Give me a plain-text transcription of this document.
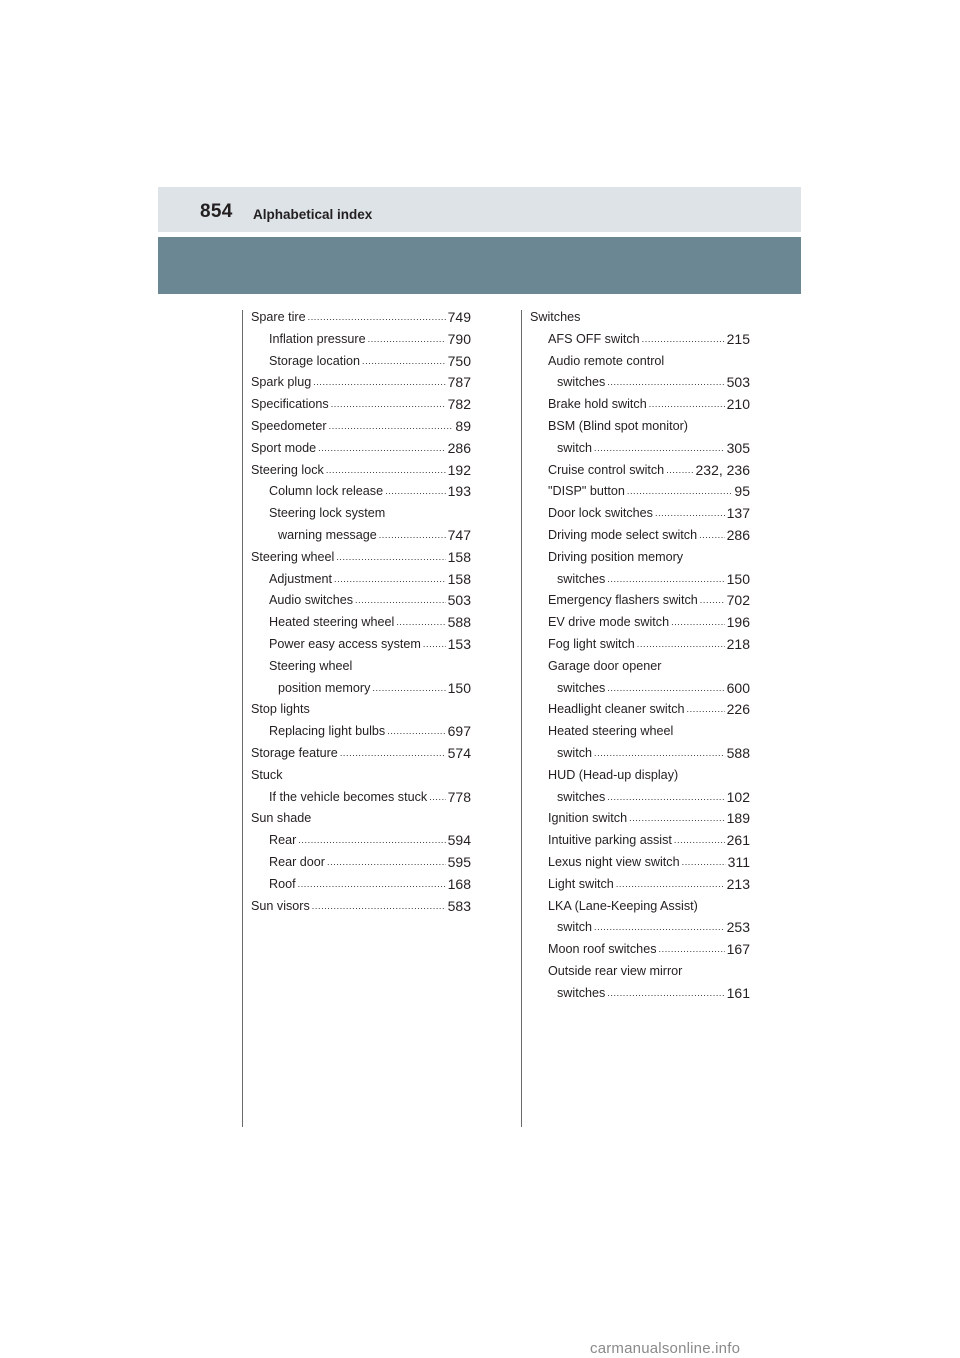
854 Alphabetical index
Spare tire .....	749
Inflation pressure .....	790
Storage location .....	750
Spark plug .....	787
Specifications .....	782
Speedometer .....	89
Sport mode .....	286
Steering lock .....	192
Column lock release .....	193
Steering lock system
warning message .....	747
Steering wheel .....	158
Adjustment .....	158
Audio switches .....	503
Heated steering wheel .....	588
Power easy access system ..... 153
Steering wheel
position memory .....	150
Stop lights
Replacing light bulbs .....	697
Storage feature .....	574
Stuck
If the vehicle becomes stuck ..... 778
Sun shade
Rear .....	594
Rear door .....	595
Roof .....	168
Sun visors .....	583
Switches
AFS OFF switch .....	215
Audio remote control
switches .....	503
Brake hold switch .....	210
BSM (Blind spot monitor)
switch .....	305
Cruise control switch ..... 232, 236
"DISP" button .....	95
Door lock switches .....	137
Driving mode select switch ..... 286
Driving position memory
switches .....	150
Emergency flashers switch ..... 702
EV drive mode switch .....	196
Fog light switch .....	218
Garage door opener
switches .....	600
Headlight cleaner switch .....	226
Heated steering wheel
switch .....	588
HUD (Head-up display)
switches .....	102
Ignition switch .....	189
Intuitive parking assist .....	261
Lexus night view switch .....	311
Light switch .....	213
LKA (Lane-Keeping Assist)
switch .....	253
Moon roof switches .....	167
Outside rear view mirror
switches .....	161
carmanualsonline.info
